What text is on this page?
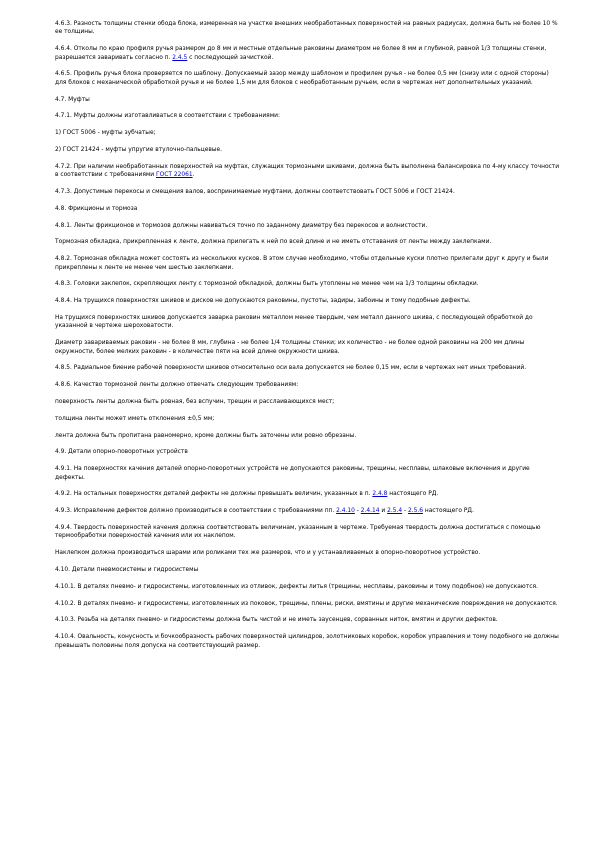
4.6.3. Разность толщины стенки обода блока, измеренная на участке внешних необработанных поверхностей на равных радиусах, должна быть не более 10 % ее толщины.
4.6.4. Отколы по краю профиля ручья размером до 8 мм и местные отдельные раковины диаметром не более 8 мм и глубиной, равной 1/3 толщины стенки, разрешается заваривать согласно п. 2.4.5 с последующей зачисткой.
4.6.5. Профиль ручья блока проверяется по шаблону. Допускаемый зазор между шаблоном и профилем ручья - не более 0,5 мм (снизу или с одной стороны) для блоков с механической обработкой ручья и не более 1,5 мм для блоков с необработанным ручьем, если в чертежах нет дополнительных указаний.
4.7. Муфты
4.7.1. Муфты должны изготавливаться в соответствии с требованиями:
1) ГОСТ 5006 - муфты зубчатые;
2) ГОСТ 21424 - муфты упругие втулочно-пальцевые.
4.7.2. При наличии необработанных поверхностей на муфтах, служащих тормозными шкивами, должна быть выполнена балансировка по 4-му классу точности в соответствии с требованиями ГОСТ 22061.
4.7.3. Допустимые перекосы и смещения валов, воспринимаемые муфтами, должны соответствовать ГОСТ 5006 и ГОСТ 21424.
4.8. Фрикционы и тормоза
4.8.1. Ленты фрикционов и тормозов должны навиваться точно по заданному диаметру без перекосов и волнистости.
Тормозная обкладка, прикрепленная к ленте, должна прилегать к ней по всей длине и не иметь отставания от ленты между заклепками.
4.8.2. Тормозная обкладка может состоять из нескольких кусков. В этом случае необходимо, чтобы отдельные куски плотно прилегали друг к другу и были прикреплены к ленте не менее чем шестью заклепками.
4.8.3. Головки заклепок, скрепляющих ленту с тормозной обкладкой, должны быть утоплены не менее чем на 1/3 толщины обкладки.
4.8.4. На трущихся поверхностях шкивов и дисков не допускаются раковины, пустоты, задиры, забоины и тому подобные дефекты.
На трущихся поверхностях шкивов допускается заварка раковин металлом менее твердым, чем металл данного шкива, с последующей обработкой до указанной в чертеже шероховатости.
Диаметр завариваемых раковин - не более 8 мм, глубина - не более 1/4 толщины стенки; их количество - не более одной раковины на 200 мм длины окружности, более мелких раковин - в количестве пяти на всей длине окружности шкива.
4.8.5. Радиальное биение рабочей поверхности шкивов относительно оси вала допускается не более 0,15 мм, если в чертежах нет иных требований.
4.8.6. Качество тормозной ленты должно отвечать следующим требованиям:
поверхность ленты должна быть ровная, без вспучин, трещин и расслаивающихся мест;
толщина ленты может иметь отклонения ±0,5 мм;
лента должна быть пропитана равномерно, кроме должны быть заточены или ровно обрезаны.
4.9. Детали опорно-поворотных устройств
4.9.1. На поверхностях качения деталей опорно-поворотных устройств не допускаются раковины, трещины, несплавы, шлаковые включения и другие дефекты.
4.9.2. На остальных поверхностях деталей дефекты не должны превышать величин, указанных в п. 2.4.8 настоящего РД.
4.9.3. Исправление дефектов должно производиться в соответствии с требованиями пп. 2.4.10 - 2.4.14 и 2.5.4 - 2.5.6 настоящего РД.
4.9.4. Твердость поверхностей качения должна соответствовать величинам, указанным в чертеже. Требуемая твердость должна достигаться с помощью термообработки поверхностей качения или их наклепом.
Наклепком должна производиться шарами или роликами тех же размеров, что и у устанавливаемых в опорно-поворотное устройство.
4.10. Детали пневмосистемы и гидросистемы
4.10.1. В деталях пневмо- и гидросистемы, изготовленных из отливок, дефекты литья (трещины, несплавы, раковины и тому подобное) не допускаются.
4.10.2. В деталях пневмо- и гидросистемы, изготовленных из поковок, трещины, плены, риски, вмятины и другие механические повреждения не допускаются.
4.10.3. Резьба на деталях пневмо- и гидросистемы должна быть чистой и не иметь заусенцев, сорванных ниток, вмятин и других дефектов.
4.10.4. Овальность, конусность и бочкообразность рабочих поверхностей цилиндров, золотниковых коробок, коробок управления и тому подобного не должны превышать половины поля допуска на соответствующий размер.
